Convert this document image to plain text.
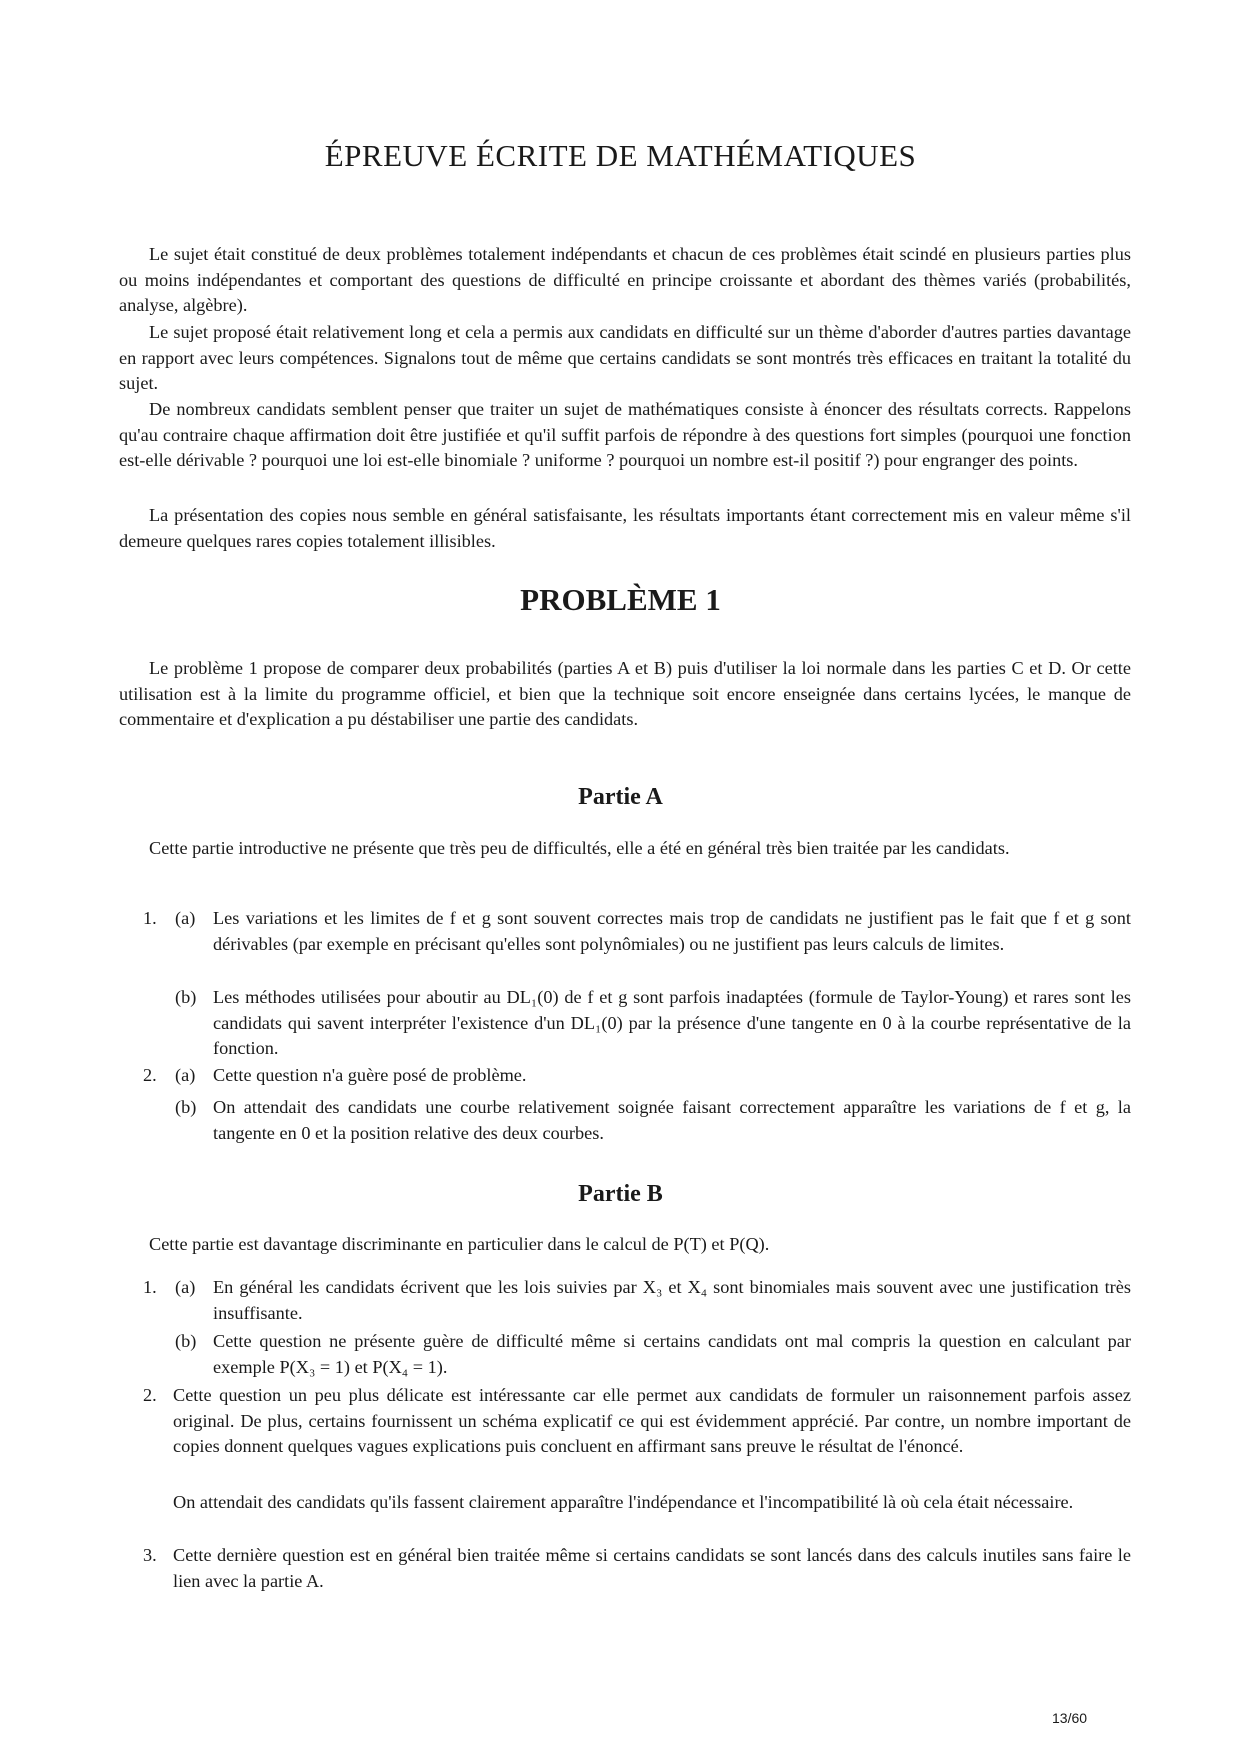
ÉPREUVE ÉCRITE DE MATHÉMATIQUES

Le sujet était constitué de deux problèmes totalement indépendants et chacun de ces problèmes était scindé en plusieurs parties plus ou moins indépendantes et comportant des questions de difficulté en principe croissante et abordant des thèmes variés (probabilités, analyse, algèbre).

Le sujet proposé était relativement long et cela a permis aux candidats en difficulté sur un thème d'aborder d'autres parties davantage en rapport avec leurs compétences. Signalons tout de même que certains candidats se sont montrés très efficaces en traitant la totalité du sujet.

De nombreux candidats semblent penser que traiter un sujet de mathématiques consiste à énoncer des résultats corrects. Rappelons qu'au contraire chaque affirmation doit être justifiée et qu'il suffit parfois de répondre à des questions fort simples (pourquoi une fonction est-elle dérivable ? pourquoi une loi est-elle binomiale ? uniforme ? pourquoi un nombre est-il positif ?) pour engranger des points.

La présentation des copies nous semble en général satisfaisante, les résultats importants étant correctement mis en valeur même s'il demeure quelques rares copies totalement illisibles.

PROBLÈME 1

Le problème 1 propose de comparer deux probabilités (parties A et B) puis d'utiliser la loi normale dans les parties C et D. Or cette utilisation est à la limite du programme officiel, et bien que la technique soit encore enseignée dans certains lycées, le manque de commentaire et d'explication a pu déstabiliser une partie des candidats.

Partie A

Cette partie introductive ne présente que très peu de difficultés, elle a été en général très bien traitée par les candidats.

1. (a) Les variations et les limites de f et g sont souvent correctes mais trop de candidats ne justifient pas le fait que f et g sont dérivables (par exemple en précisant qu'elles sont polynômiales) ou ne justifient pas leurs calculs de limites.

(b) Les méthodes utilisées pour aboutir au DL₁(0) de f et g sont parfois inadaptées (formule de Taylor-Young) et rares sont les candidats qui savent interpréter l'existence d'un DL₁(0) par la présence d'une tangente en 0 à la courbe représentative de la fonction.

2. (a) Cette question n'a guère posé de problème.

(b) On attendait des candidats une courbe relativement soignée faisant correctement apparaître les variations de f et g, la tangente en 0 et la position relative des deux courbes.

Partie B

Cette partie est davantage discriminante en particulier dans le calcul de P(T) et P(Q).

1. (a) En général les candidats écrivent que les lois suivies par X₃ et X₄ sont binomiales mais souvent avec une justification très insuffisante.

(b) Cette question ne présente guère de difficulté même si certains candidats ont mal compris la question en calculant par exemple P(X₃ = 1) et P(X₄ = 1).

2. Cette question un peu plus délicate est intéressante car elle permet aux candidats de formuler un raisonnement parfois assez original. De plus, certains fournissent un schéma explicatif ce qui est évidemment apprécié. Par contre, un nombre important de copies donnent quelques vagues explications puis concluent en affirmant sans preuve le résultat de l'énoncé.

On attendait des candidats qu'ils fassent clairement apparaître l'indépendance et l'incompatibilité là où cela était nécessaire.

3. Cette dernière question est en général bien traitée même si certains candidats se sont lancés dans des calculs inutiles sans faire le lien avec la partie A.

13/60
